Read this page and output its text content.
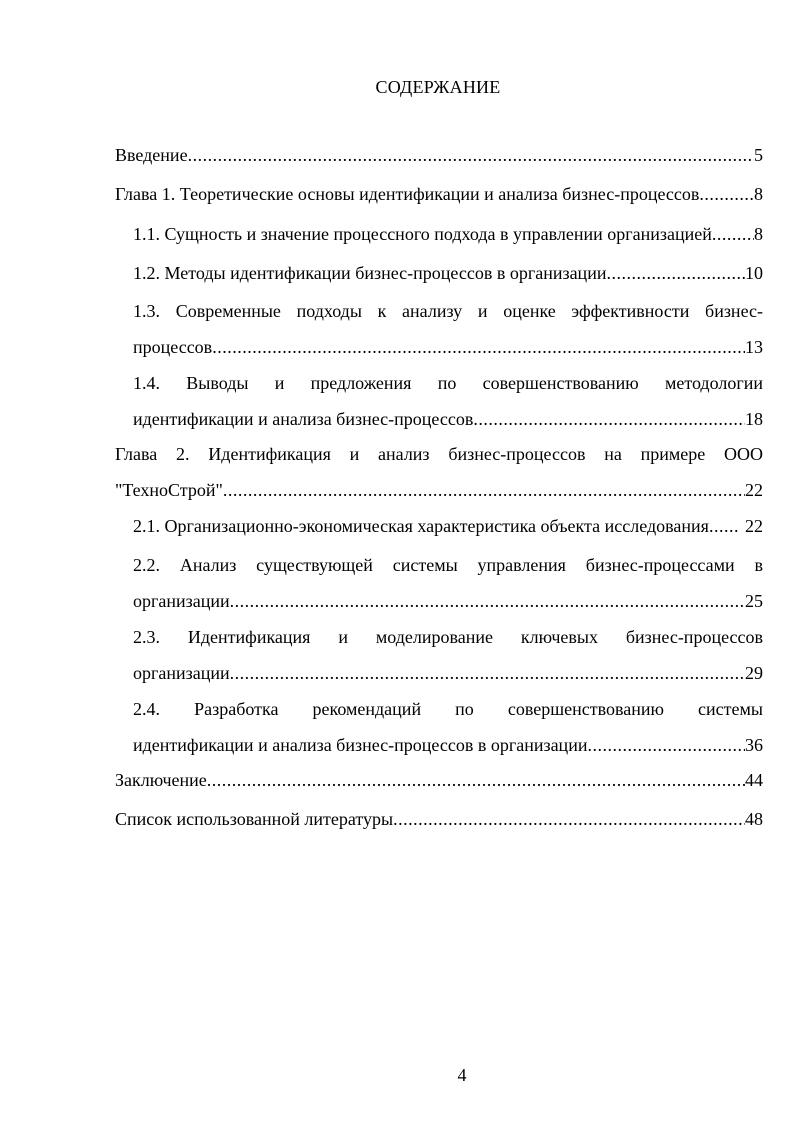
СОДЕРЖАНИЕ
Введение .....	5
Глава 1. Теоретические основы идентификации и анализа бизнес-процессов .....	8
1.1. Сущность и значение процессного подхода в управлении организацией ..... 8
1.2. Методы идентификации бизнес-процессов в организации .....	10
1.3. Современные подходы к анализу и оценке эффективности бизнес-
процессов .....	13
1.4. Выводы и предложения по совершенствованию методологии
идентификации и анализа бизнес-процессов .....	18
Глава 2. Идентификация и анализ бизнес-процессов на примере ООО
"ТехноСтрой" .....	22
2.1. Организационно-экономическая характеристика объекта исследования ..... 22
2.2. Анализ существующей системы управления бизнес-процессами в
организации .....	25
2.3. Идентификация и моделирование ключевых бизнес-процессов
организации .....	29
2.4. Разработка рекомендаций по совершенствованию системы
идентификации и анализа бизнес-процессов в организации .....	36
Заключение .....	44
Список использованной литературы .....	48
4
